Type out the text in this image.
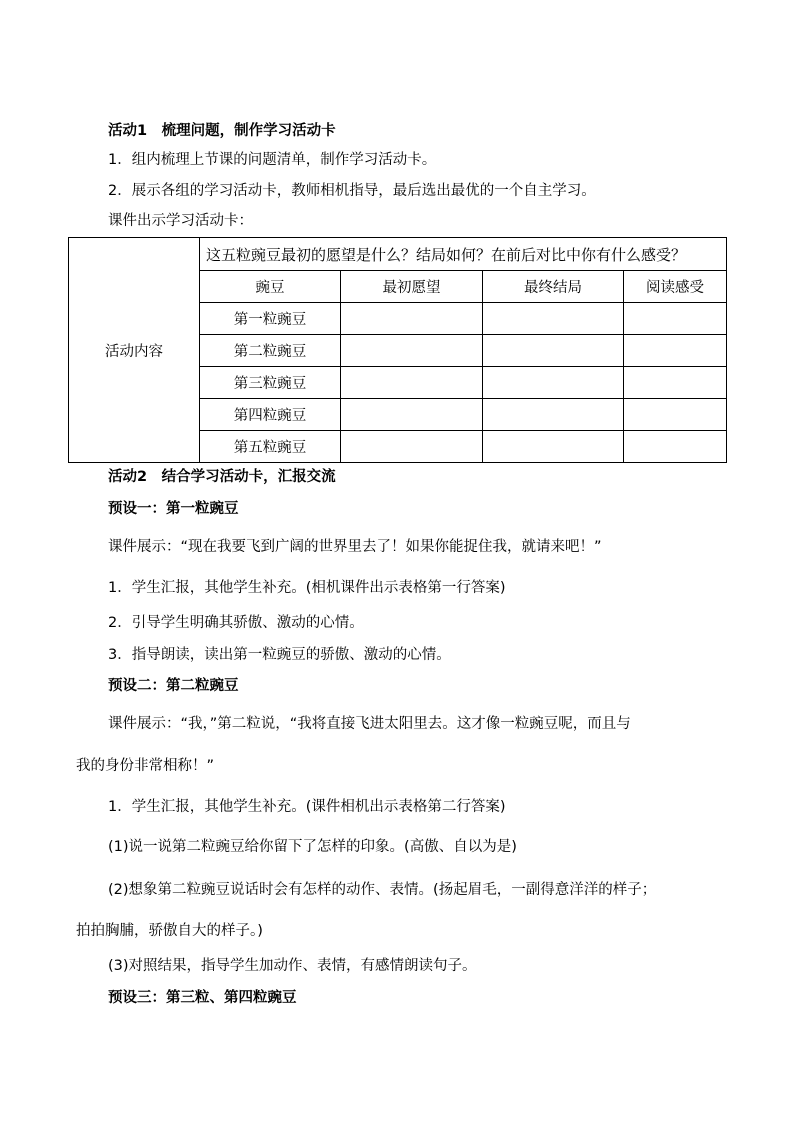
活动1　梳理问题，制作学习活动卡
1．组内梳理上节课的问题清单，制作学习活动卡。
2．展示各组的学习活动卡，教师相机指导，最后选出最优的一个自主学习。
课件出示学习活动卡：
活动内容	这五粒豌豆最初的愿望是什么？结局如何？在前后对比中你有什么感受？			
	豌豆	最初愿望	最终结局	阅读感受
	第一粒豌豆			
	第二粒豌豆			
	第三粒豌豆			
	第四粒豌豆			
	第五粒豌豆			
活动2　结合学习活动卡，汇报交流
预设一：第一粒豌豆
课件展示：“现在我要飞到广阔的世界里去了！如果你能捉住我，就请来吧！”
1．学生汇报，其他学生补充。(相机课件出示表格第一行答案)
2．引导学生明确其骄傲、激动的心情。
3．指导朗读，读出第一粒豌豆的骄傲、激动的心情。
预设二：第二粒豌豆
课件展示：“我，”第二粒说，“我将直接飞进太阳里去。这才像一粒豌豆呢，而且与
我的身份非常相称！”
1．学生汇报，其他学生补充。(课件相机出示表格第二行答案)
(1)说一说第二粒豌豆给你留下了怎样的印象。(高傲、自以为是)
(2)想象第二粒豌豆说话时会有怎样的动作、表情。(扬起眉毛，一副得意洋洋的样子；
拍拍胸脯，骄傲自大的样子。)
(3)对照结果，指导学生加动作、表情，有感情朗读句子。
预设三：第三粒、第四粒豌豆
